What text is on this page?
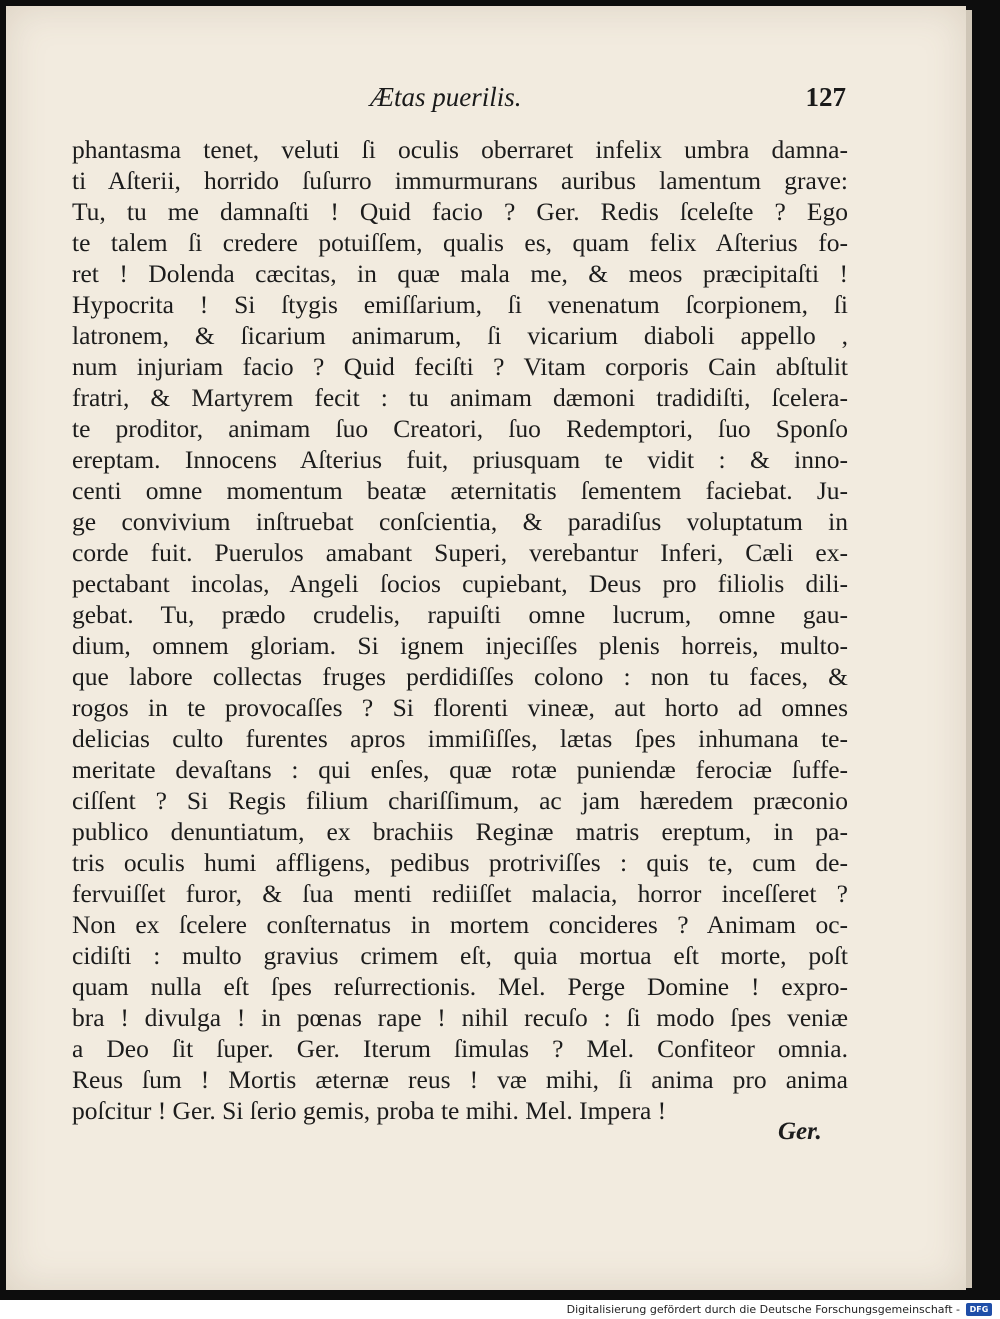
Ætas puerilis.	127
phantasma tenet, veluti ſi oculis oberraret infelix umbra damna-
ti Aſterii, horrido ſuſurro immurmurans auribus lamentum grave:
Tu, tu me damnaſti ! Quid facio ? Ger. Redis ſceleſte ? Ego
te talem ſi credere potuiſſem, qualis es, quam felix Aſterius fo-
ret ! Dolenda cæcitas, in quæ mala me, & meos præcipitaſti !
Hypocrita ! Si ſtygis emiſſarium, ſi venenatum ſcorpionem, ſi
latronem, & ſicarium animarum, ſi vicarium diaboli appello ,
num injuriam facio ? Quid feciſti ? Vitam corporis Cain abſtulit
fratri, & Martyrem fecit : tu animam dæmoni tradidiſti, ſcelera-
te proditor, animam ſuo Creatori, ſuo Redemptori, ſuo Sponſo
ereptam. Innocens Aſterius fuit, priusquam te vidit : & inno-
centi omne momentum beatæ æternitatis ſementem faciebat. Ju-
ge convivium inſtruebat conſcientia, & paradiſus voluptatum in
corde fuit. Puerulos amabant Superi, verebantur Inferi, Cæli ex-
pectabant incolas, Angeli ſocios cupiebant, Deus pro filiolis dili-
gebat. Tu, prædo crudelis, rapuiſti omne lucrum, omne gau-
dium, omnem gloriam. Si ignem injeciſſes plenis horreis, multo-
que labore collectas fruges perdidiſſes colono : non tu faces, &
rogos in te provocaſſes ? Si florenti vineæ, aut horto ad omnes
delicias culto furentes apros immiſiſſes, lætas ſpes inhumana te-
meritate devaſtans : qui enſes, quæ rotæ puniendæ ferociæ ſuffe-
ciſſent ? Si Regis filium chariſſimum, ac jam hæredem præconio
publico denuntiatum, ex brachiis Reginæ matris ereptum, in pa-
tris oculis humi affligens, pedibus protriviſſes : quis te, cum de-
fervuiſſet furor, & ſua menti rediiſſet malacia, horror inceſſeret ?
Non ex ſcelere conſternatus in mortem concideres ? Animam oc-
cidiſti : multo gravius crimem eſt, quia mortua eſt morte, poſt
quam nulla eſt ſpes reſurrectionis. Mel. Perge Domine ! expro-
bra ! divulga ! in pœnas rape ! nihil recuſo : ſi modo ſpes veniæ
a Deo ſit ſuper. Ger. Iterum ſimulas ? Mel. Confiteor omnia.
Reus ſum ! Mortis æternæ reus ! væ mihi, ſi anima pro anima
poſcitur ! Ger. Si ſerio gemis, proba te mihi. Mel. Impera !
Ger.
Digitalisierung gefördert durch die Deutsche Forschungsgemeinschaft -	DFG
